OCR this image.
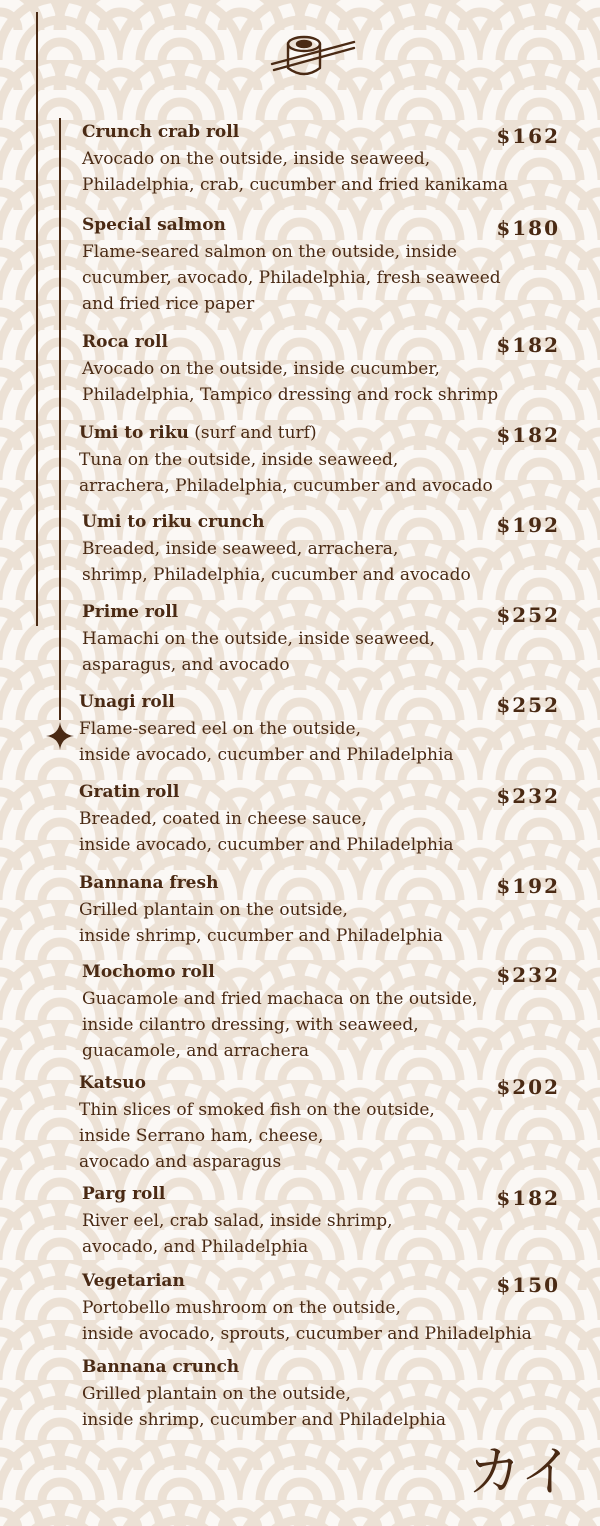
Crunch crab roll
Avocado on the outside, inside seaweed,
Philadelphia, crab, cucumber and fried kanikama
$162
Special salmon
Flame-seared salmon on the outside, inside
cucumber, avocado, Philadelphia, fresh seaweed
and fried rice paper
$180
Roca roll
Avocado on the outside, inside cucumber,
Philadelphia, Tampico dressing and rock shrimp
$182
Umi to riku (surf and turf)
Tuna on the outside, inside seaweed,
arrachera, Philadelphia, cucumber and avocado
$182
Umi to riku crunch
Breaded, inside seaweed, arrachera,
shrimp, Philadelphia, cucumber and avocado
$192
Prime roll
Hamachi on the outside, inside seaweed,
asparagus, and avocado
$252
Unagi roll
Flame-seared eel on the outside,
inside avocado, cucumber and Philadelphia
$252
Gratin roll
Breaded, coated in cheese sauce,
inside avocado, cucumber and Philadelphia
$232
Bannana fresh
Grilled plantain on the outside,
inside shrimp, cucumber and Philadelphia
$192
Mochomo roll
Guacamole and fried machaca on the outside,
inside cilantro dressing, with seaweed,
guacamole, and arrachera
$232
Katsuo
Thin slices of smoked fish on the outside,
inside Serrano ham, cheese,
avocado and asparagus
$202
Parg roll
River eel, crab salad, inside shrimp,
avocado, and Philadelphia
$182
Vegetarian
Portobello mushroom on the outside,
inside avocado, sprouts, cucumber and Philadelphia
$150
Bannana crunch
Grilled plantain on the outside,
inside shrimp, cucumber and Philadelphia
カイ
